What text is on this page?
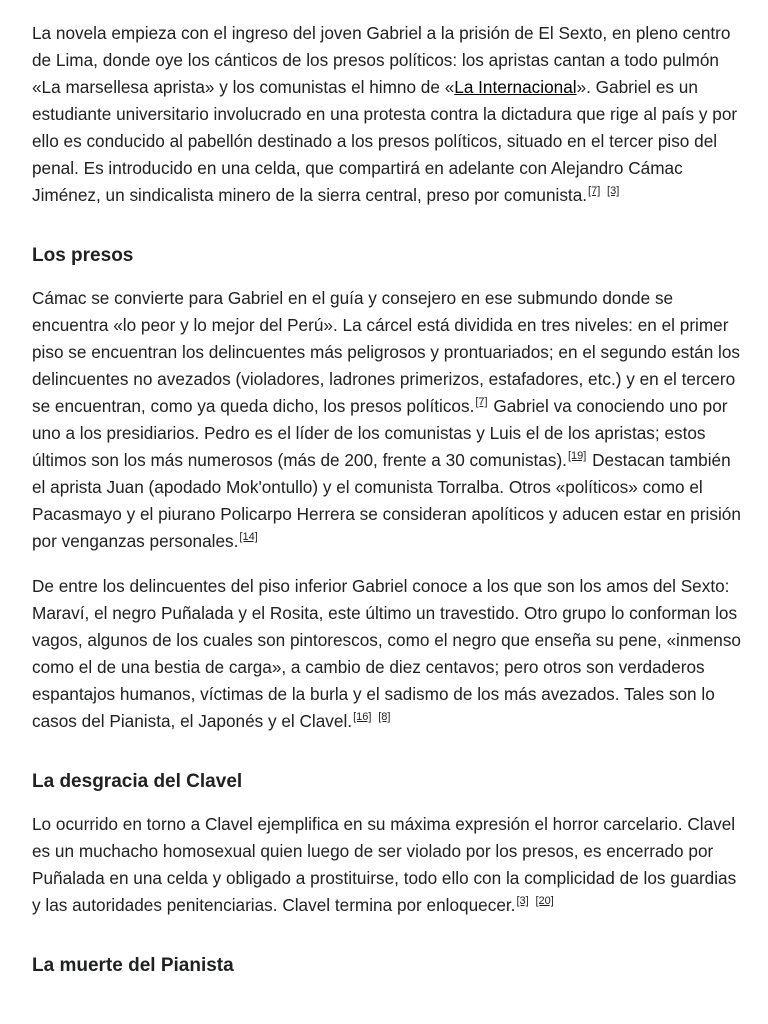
La novela empieza con el ingreso del joven Gabriel a la prisión de El Sexto, en pleno centro de Lima, donde oye los cánticos de los presos políticos: los apristas cantan a todo pulmón «La marsellesa aprista» y los comunistas el himno de «La Internacional». Gabriel es un estudiante universitario involucrado en una protesta contra la dictadura que rige al país y por ello es conducido al pabellón destinado a los presos políticos, situado en el tercer piso del penal. Es introducido en una celda, que compartirá en adelante con Alejandro Cámac Jiménez, un sindicalista minero de la sierra central, preso por comunista.[7] [3]

Los presos

Cámac se convierte para Gabriel en el guía y consejero en ese submundo donde se encuentra «lo peor y lo mejor del Perú». La cárcel está dividida en tres niveles: en el primer piso se encuentran los delincuentes más peligrosos y prontuariados; en el segundo están los delincuentes no avezados (violadores, ladrones primerizos, estafadores, etc.) y en el tercero se encuentran, como ya queda dicho, los presos políticos.[7] Gabriel va conociendo uno por uno a los presidiarios. Pedro es el líder de los comunistas y Luis el de los apristas; estos últimos son los más numerosos (más de 200, frente a 30 comunistas).[19] Destacan también el aprista Juan (apodado Mok'ontullo) y el comunista Torralba. Otros «políticos» como el Pacasmayo y el piurano Policarpo Herrera se consideran apolíticos y aducen estar en prisión por venganzas personales.[14]

De entre los delincuentes del piso inferior Gabriel conoce a los que son los amos del Sexto: Maraví, el negro Puñalada y el Rosita, este último un travestido. Otro grupo lo conforman los vagos, algunos de los cuales son pintorescos, como el negro que enseña su pene, «inmenso como el de una bestia de carga», a cambio de diez centavos; pero otros son verdaderos espantajos humanos, víctimas de la burla y el sadismo de los más avezados. Tales son lo casos del Pianista, el Japonés y el Clavel.[16] [8]

La desgracia del Clavel

Lo ocurrido en torno a Clavel ejemplifica en su máxima expresión el horror carcelario. Clavel es un muchacho homosexual quien luego de ser violado por los presos, es encerrado por Puñalada en una celda y obligado a prostituirse, todo ello con la complicidad de los guardias y las autoridades penitenciarias. Clavel termina por enloquecer.[3] [20]

La muerte del Pianista
